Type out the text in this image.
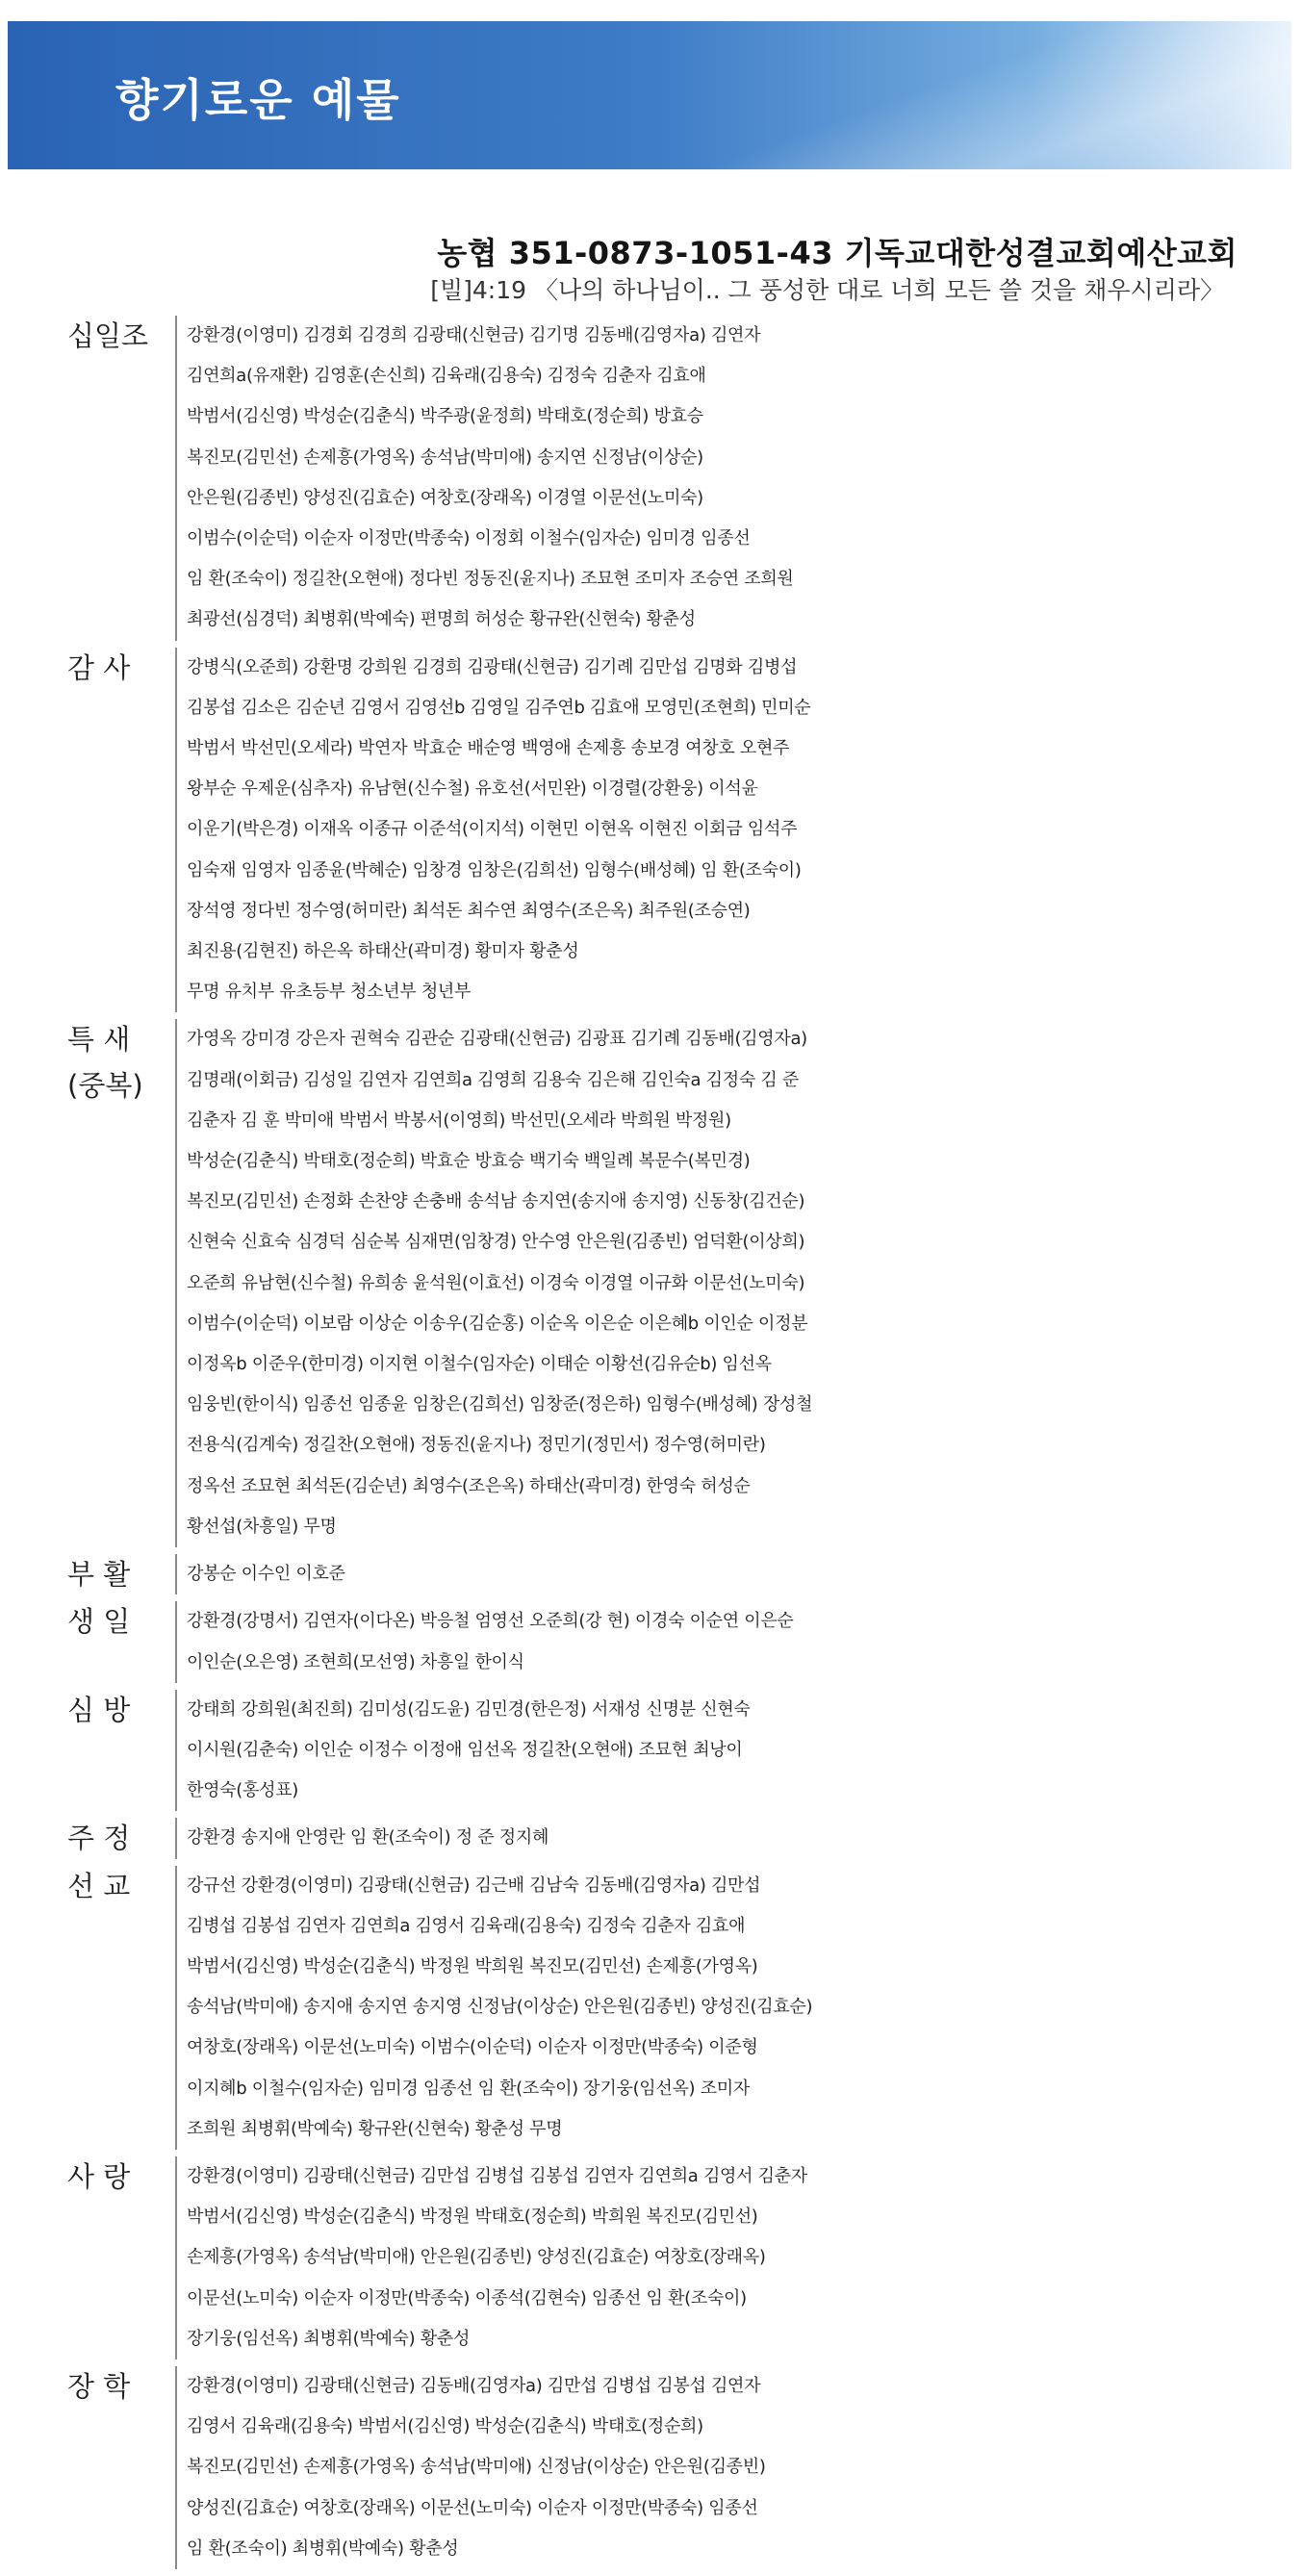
향기로운 예물
농협 351-0873-1051-43 기독교대한성결교회예산교회
[빌]4:19 〈나의 하나님이.. 그 풍성한 대로 너희 모든 쓸 것을 채우시리라〉
십일조	강환경(이영미) 김경회 김경희 김광태(신현금) 김기명 김동배(김영자a) 김연자
김연희a(유재환) 김영훈(손신희) 김육래(김용숙) 김정숙 김춘자 김효애
박범서(김신영) 박성순(김춘식) 박주광(윤정희) 박태호(정순희) 방효승
복진모(김민선) 손제흥(가영옥) 송석남(박미애) 송지연 신정남(이상순)
안은원(김종빈) 양성진(김효순) 여창호(장래옥) 이경열 이문선(노미숙)
이범수(이순덕) 이순자 이정만(박종숙) 이정회 이철수(임자순) 임미경 임종선
임 환(조숙이) 정길찬(오현애) 정다빈 정동진(윤지나) 조묘현 조미자 조승연 조희원
최광선(심경덕) 최병휘(박예숙) 편명희 허성순 황규완(신현숙) 황춘성
감 사	강병식(오준희) 강환명 강희원 김경희 김광태(신현금) 김기례 김만섭 김명화 김병섭
김봉섭 김소은 김순년 김영서 김영선b 김영일 김주연b 김효애 모영민(조현희) 민미순
박범서 박선민(오세라) 박연자 박효순 배순영 백영애 손제흥 송보경 여창호 오현주
왕부순 우제운(심추자) 유남현(신수철) 유호선(서민완) 이경렬(강환웅) 이석윤
이운기(박은경) 이재옥 이종규 이준석(이지석) 이현민 이현옥 이현진 이회금 임석주
임숙재 임영자 임종윤(박혜순) 임창경 임창은(김희선) 임형수(배성혜) 임 환(조숙이)
장석영 정다빈 정수영(허미란) 최석돈 최수연 최영수(조은옥) 최주원(조승연)
최진용(김현진) 하은옥 하태산(곽미경) 황미자 황춘성
무명 유치부 유초등부 청소년부 청년부
특 새
(중복)
가영옥 강미경 강은자 권혁숙 김관순 김광태(신현금) 김광표 김기례 김동배(김영자a)
김명래(이회금) 김성일 김연자 김연희a 김영희 김용숙 김은해 김인숙a 김정숙 김 준
김춘자 김 훈 박미애 박범서 박봉서(이영희) 박선민(오세라 박희원 박정원)
박성순(김춘식) 박태호(정순희) 박효순 방효승 백기숙 백일례 복문수(복민경)
복진모(김민선) 손정화 손찬양 손충배 송석남 송지연(송지애 송지영) 신동창(김건순)
신현숙 신효숙 심경덕 심순복 심재면(임창경) 안수영 안은원(김종빈) 엄덕환(이상희)
오준희 유남현(신수철) 유희송 윤석원(이효선) 이경숙 이경열 이규화 이문선(노미숙)
이범수(이순덕) 이보람 이상순 이송우(김순홍) 이순옥 이은순 이은혜b 이인순 이정분
이정옥b 이준우(한미경) 이지현 이철수(임자순) 이태순 이황선(김유순b) 임선옥
임웅빈(한이식) 임종선 임종윤 임창은(김희선) 임창준(정은하) 임형수(배성혜) 장성철
전용식(김계숙) 정길찬(오현애) 정동진(윤지나) 정민기(정민서) 정수영(허미란)
정옥선 조묘현 최석돈(김순년) 최영수(조은옥) 하태산(곽미경) 한영숙 허성순
황선섭(차흥일) 무명
부 활	강봉순 이수인 이호준
생 일	강환경(강명서) 김연자(이다온) 박응철 엄영선 오준희(강 현) 이경숙 이순연 이은순
이인순(오은영) 조현희(모선영) 차흥일 한이식
심 방	강태희 강희원(최진희) 김미성(김도윤) 김민경(한은정) 서재성 신명분 신현숙
이시원(김춘숙) 이인순 이정수 이정애 임선옥 정길찬(오현애) 조묘현 최낭이
한영숙(홍성표)
주 정	강환경 송지애 안영란 임 환(조숙이) 정 준 정지혜
선 교	강규선 강환경(이영미) 김광태(신현금) 김근배 김남숙 김동배(김영자a) 김만섭
김병섭 김봉섭 김연자 김연희a 김영서 김육래(김용숙) 김정숙 김춘자 김효애
박범서(김신영) 박성순(김춘식) 박정원 박희원 복진모(김민선) 손제흥(가영옥)
송석남(박미애) 송지애 송지연 송지영 신정남(이상순) 안은원(김종빈) 양성진(김효순)
여창호(장래옥) 이문선(노미숙) 이범수(이순덕) 이순자 이정만(박종숙) 이준형
이지혜b 이철수(임자순) 임미경 임종선 임 환(조숙이) 장기웅(임선옥) 조미자
조희원 최병휘(박예숙) 황규완(신현숙) 황춘성 무명
사 랑	강환경(이영미) 김광태(신현금) 김만섭 김병섭 김봉섭 김연자 김연희a 김영서 김춘자
박범서(김신영) 박성순(김춘식) 박정원 박태호(정순희) 박희원 복진모(김민선)
손제흥(가영옥) 송석남(박미애) 안은원(김종빈) 양성진(김효순) 여창호(장래옥)
이문선(노미숙) 이순자 이정만(박종숙) 이종석(김현숙) 임종선 임 환(조숙이)
장기웅(임선옥) 최병휘(박예숙) 황춘성
장 학	강환경(이영미) 김광태(신현금) 김동배(김영자a) 김만섭 김병섭 김봉섭 김연자
김영서 김육래(김용숙) 박범서(김신영) 박성순(김춘식) 박태호(정순희)
복진모(김민선) 손제흥(가영옥) 송석남(박미애) 신정남(이상순) 안은원(김종빈)
양성진(김효순) 여창호(장래옥) 이문선(노미숙) 이순자 이정만(박종숙) 임종선
임 환(조숙이) 최병휘(박예숙) 황춘성
